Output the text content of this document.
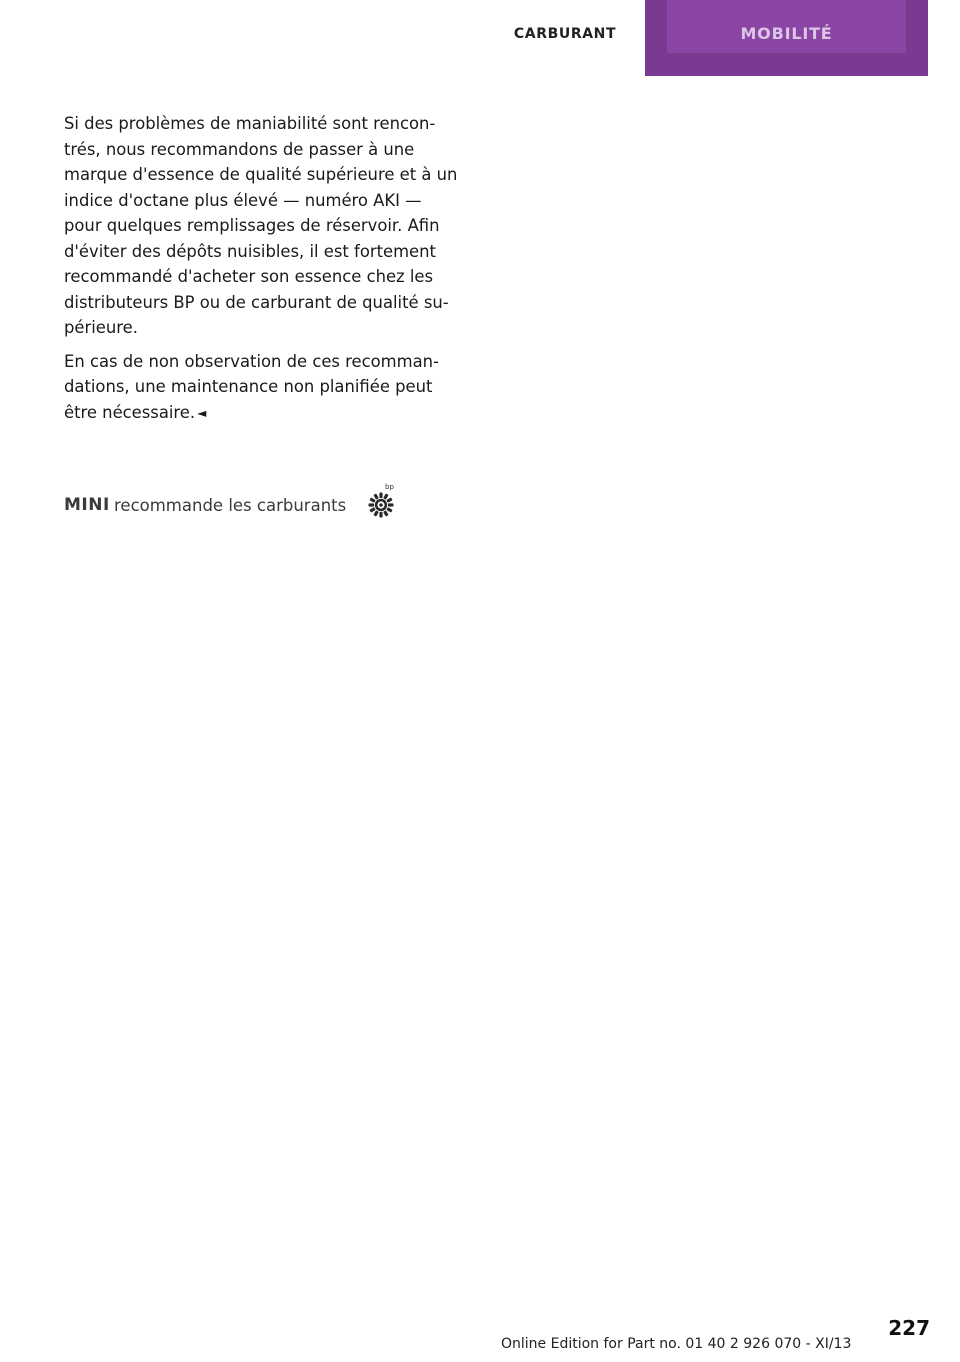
CARBURANT	MOBILITÉ

Si des problèmes de maniabilité sont rencon-
trés, nous recommandons de passer à une
marque d'essence de qualité supérieure et à un
indice d'octane plus élevé — numéro AKI —
pour quelques remplissages de réservoir. Afin
d'éviter des dépôts nuisibles, il est fortement
recommandé d'acheter son essence chez les
distributeurs BP ou de carburant de qualité su-
périeure.

En cas de non observation de ces recomman-
dations, une maintenance non planifiée peut
être nécessaire. ◄

MINI recommande les carburants
bp
227
Online Edition for Part no. 01 40 2 926 070 - XI/13
